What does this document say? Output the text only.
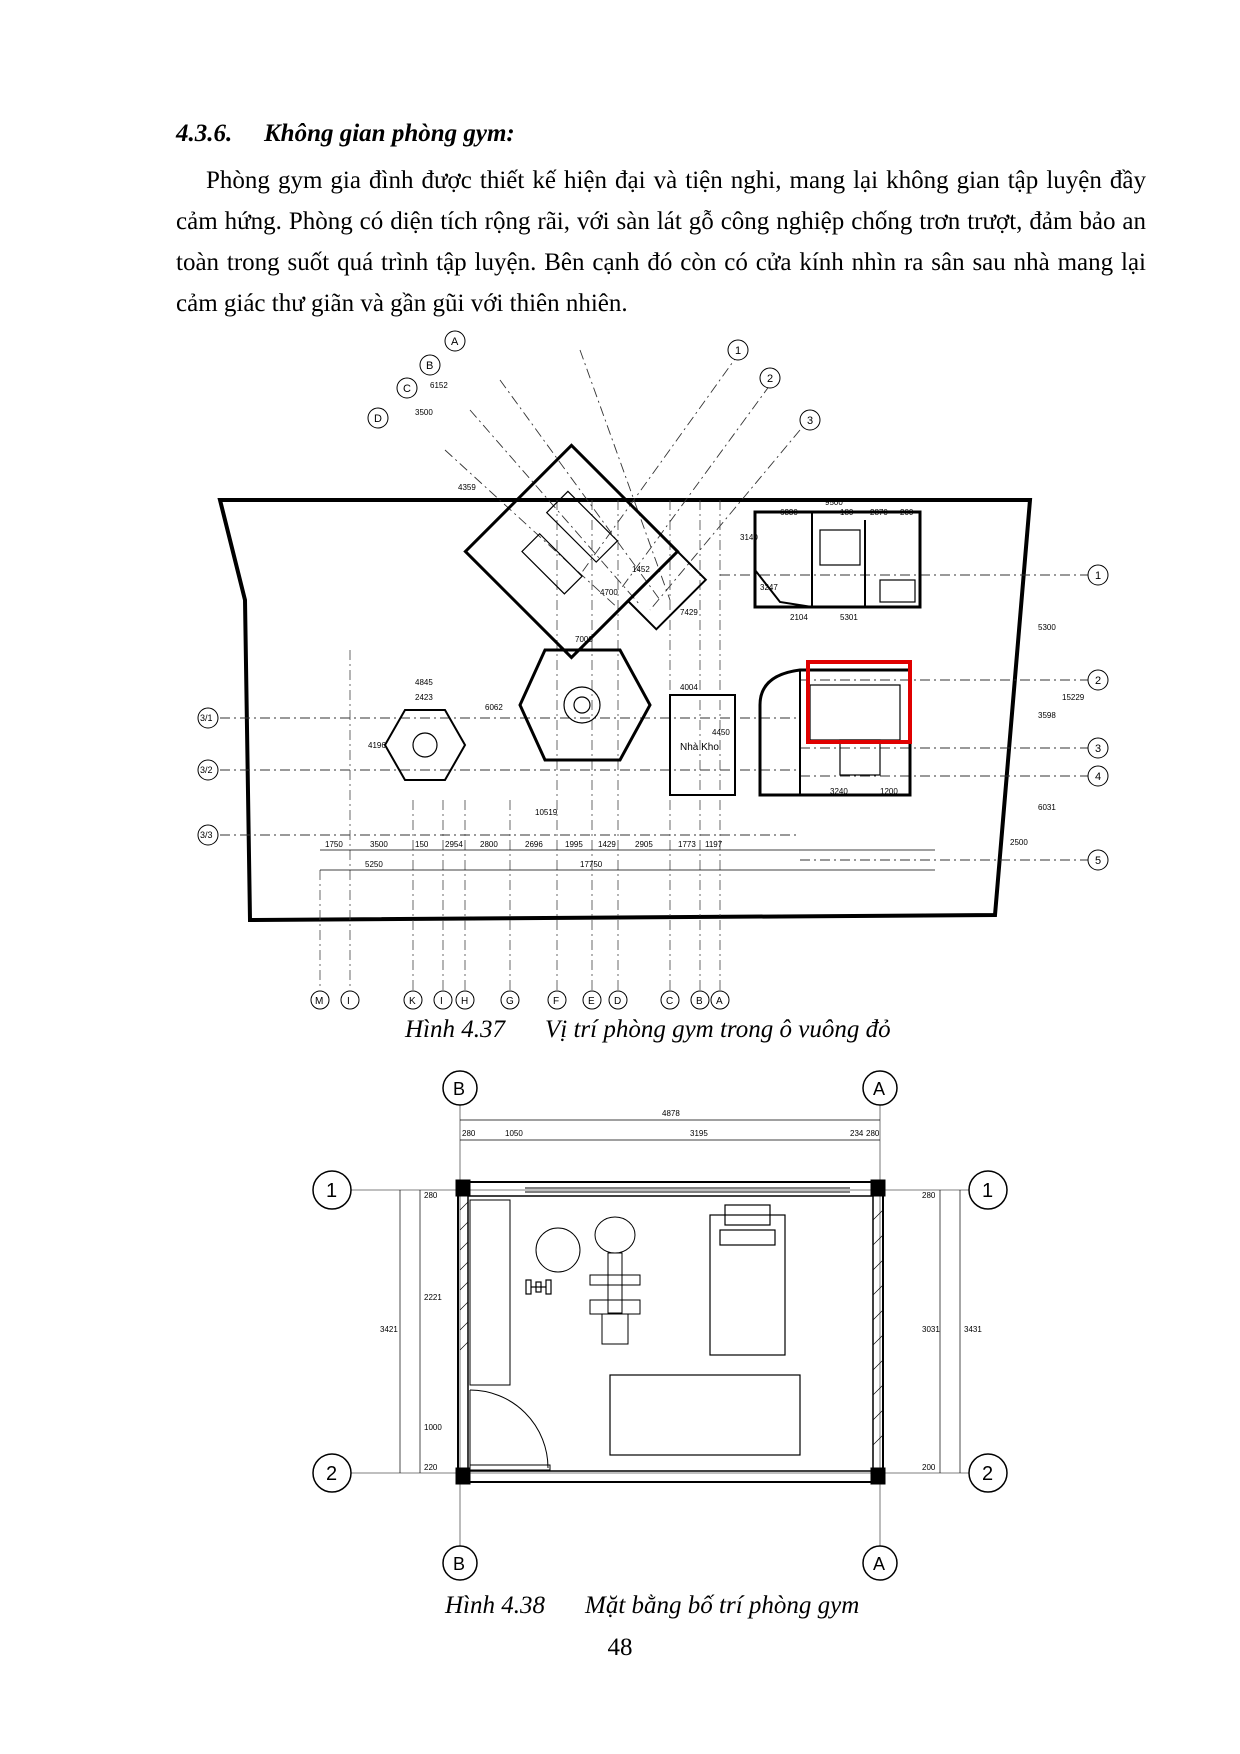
4.3.6. Không gian phòng gym:
Phòng gym gia đình được thiết kế hiện đại và tiện nghi, mang lại không gian tập luyện đầy cảm hứng. Phòng có diện tích rộng rãi, với sàn lát gỗ công nghiệp chống trơn trượt, đảm bảo an toàn trong suốt quá trình tập luyện. Bên cạnh đó còn có cửa kính nhìn ra sân sau nhà mang lại cảm giác thư giãn và gần gũi với thiên nhiên.
Nhà Kho
A
B
C
D
1
2
3
1
2
3
4
5
3/1
3/2
3/3
M I	K I H	G	F	E D	C B A
1750	3500	150 2954 2800	2696	1995 1429 2905	1773 1197
5250	17750
9500
6330	180 2870 200
5300
3598
15229
6031
2500
7429
7000
4845
2423
4196
6062
4004
4450
10519
3140
4359
4700
1452
3500
6152
3247
2104	5301
3240	1200
Hình 4.37 Vị trí phòng gym trong ô vuông đỏ
B	A
B	A
1
2
1
2
4878
280	1050	3195	234 280
280
2221
1000
220
3421
280
3031
200
3431
Hình 4.38 Mặt bằng bố trí phòng gym
48
